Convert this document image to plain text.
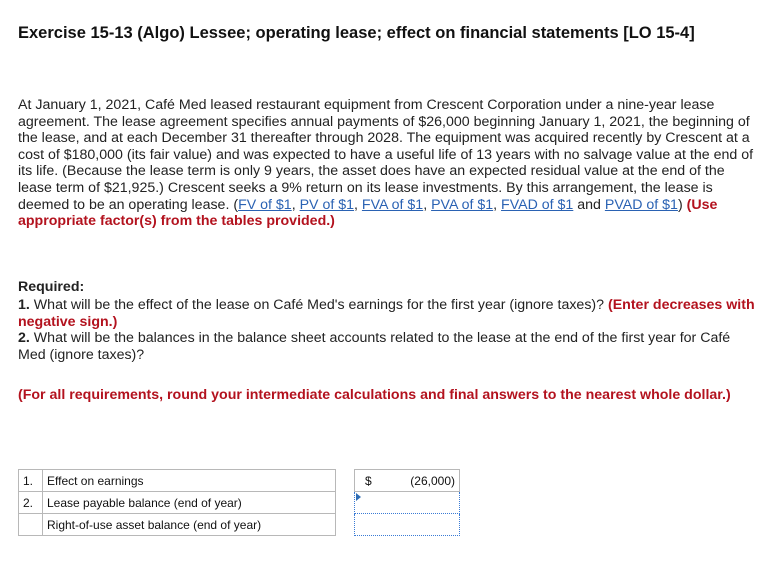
Exercise 15-13 (Algo) Lessee; operating lease; effect on financial statements [LO 15-4]
At January 1, 2021, Café Med leased restaurant equipment from Crescent Corporation under a nine-year lease agreement. The lease agreement specifies annual payments of $26,000 beginning January 1, 2021, the beginning of the lease, and at each December 31 thereafter through 2028. The equipment was acquired recently by Crescent at a cost of $180,000 (its fair value) and was expected to have a useful life of 13 years with no salvage value at the end of its life. (Because the lease term is only 9 years, the asset does have an expected residual value at the end of the lease term of $21,925.) Crescent seeks a 9% return on its lease investments. By this arrangement, the lease is deemed to be an operating lease. (FV of $1, PV of $1, FVA of $1, PVA of $1, FVAD of $1 and PVAD of $1) (Use appropriate factor(s) from the tables provided.)
Required:
1. What will be the effect of the lease on Café Med's earnings for the first year (ignore taxes)? (Enter decreases with negative sign.)
2. What will be the balances in the balance sheet accounts related to the lease at the end of the first year for Café Med (ignore taxes)?
(For all requirements, round your intermediate calculations and final answers to the nearest whole dollar.)

1.	Effect on earnings		$ (26,000)

2.	Lease payable balance (end of year)		

	Right-of-use asset balance (end of year)		
